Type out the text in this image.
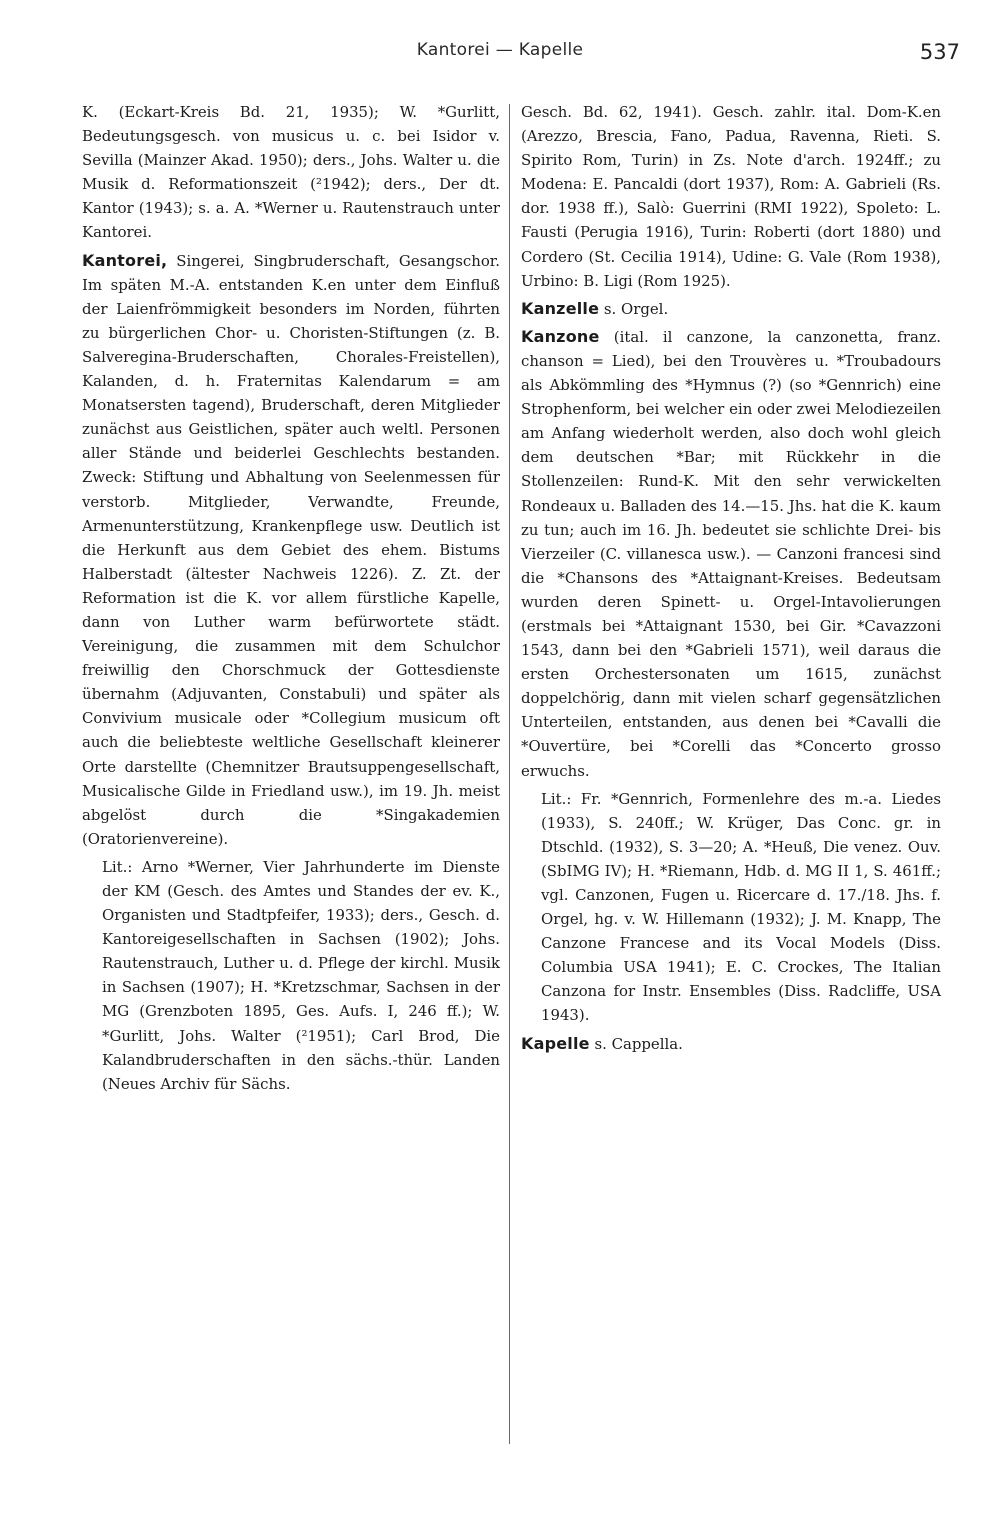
Kantorei — Kapelle	537

K. (Eckart-Kreis Bd. 21, 1935); W. *Gurlitt, Bedeutungsgesch. von musicus u. c. bei Isidor v. Sevilla (Mainzer Akad. 1950); ders., Johs. Walter u. die Musik d. Reformationszeit (²1942); ders., Der dt. Kantor (1943); s. a. A. *Werner u. Rautenstrauch unter Kantorei.

Kantorei, Singerei, Singbruderschaft, Gesangschor. Im späten M.-A. entstanden K.en unter dem Einfluß der Laienfrömmigkeit besonders im Norden, führten zu bürgerlichen Chor- u. Choristen-Stiftungen (z. B. Salveregina-Bruderschaften, Chorales-Freistellen), Kalanden, d. h. Fraternitas Kalendarum = am Monatsersten tagend), Bruderschaft, deren Mitglieder zunächst aus Geistlichen, später auch weltl. Personen aller Stände und beiderlei Geschlechts bestanden. Zweck: Stiftung und Abhaltung von Seelenmessen für verstorb. Mitglieder, Verwandte, Freunde, Armenunterstützung, Krankenpflege usw. Deutlich ist die Herkunft aus dem Gebiet des ehem. Bistums Halberstadt (ältester Nachweis 1226). Z. Zt. der Reformation ist die K. vor allem fürstliche Kapelle, dann von Luther warm befürwortete städt. Vereinigung, die zusammen mit dem Schulchor freiwillig den Chorschmuck der Gottesdienste übernahm (Adjuvanten, Constabuli) und später als Convivium musicale oder *Collegium musicum oft auch die beliebteste weltliche Gesellschaft kleinerer Orte darstellte (Chemnitzer Brautsuppengesellschaft, Musicalische Gilde in Friedland usw.), im 19. Jh. meist abgelöst durch die *Singakademien (Oratorienvereine).

Lit.: Arno *Werner, Vier Jahrhunderte im Dienste der KM (Gesch. des Amtes und Standes der ev. K., Organisten und Stadtpfeifer, 1933); ders., Gesch. d. Kantoreigesellschaften in Sachsen (1902); Johs. Rautenstrauch, Luther u. d. Pflege der kirchl. Musik in Sachsen (1907); H. *Kretzschmar, Sachsen in der MG (Grenzboten 1895, Ges. Aufs. I, 246 ff.); W. *Gurlitt, Johs. Walter (²1951); Carl Brod, Die Kalandbruderschaften in den sächs.-thür. Landen (Neues Archiv für Sächs.

Gesch. Bd. 62, 1941). Gesch. zahlr. ital. Dom-K.en (Arezzo, Brescia, Fano, Padua, Ravenna, Rieti. S. Spirito Rom, Turin) in Zs. Note d'arch. 1924ff.; zu Modena: E. Pancaldi (dort 1937), Rom: A. Gabrieli (Rs. dor. 1938 ff.), Salò: Guerrini (RMI 1922), Spoleto: L. Fausti (Perugia 1916), Turin: Roberti (dort 1880) und Cordero (St. Cecilia 1914), Udine: G. Vale (Rom 1938), Urbino: B. Ligi (Rom 1925).

Kanzelle s. Orgel.

Kanzone (ital. il canzone, la canzonetta, franz. chanson = Lied), bei den Trouvères u. *Troubadours als Abkömmling des *Hymnus (?) (so *Gennrich) eine Strophenform, bei welcher ein oder zwei Melodiezeilen am Anfang wiederholt werden, also doch wohl gleich dem deutschen *Bar; mit Rückkehr in die Stollenzeilen: Rund-K. Mit den sehr verwickelten Rondeaux u. Balladen des 14.—15. Jhs. hat die K. kaum zu tun; auch im 16. Jh. bedeutet sie schlichte Drei- bis Vierzeiler (C. villanesca usw.). — Canzoni francesi sind die *Chansons des *Attaignant-Kreises. Bedeutsam wurden deren Spinett- u. Orgel-Intavolierungen (erstmals bei *Attaignant 1530, bei Gir. *Cavazzoni 1543, dann bei den *Gabrieli 1571), weil daraus die ersten Orchestersonaten um 1615, zunächst doppelchörig, dann mit vielen scharf gegensätzlichen Unterteilen, entstanden, aus denen bei *Cavalli die *Ouvertüre, bei *Corelli das *Concerto grosso erwuchs.

Lit.: Fr. *Gennrich, Formenlehre des m.-a. Liedes (1933), S. 240ff.; W. Krüger, Das Conc. gr. in Dtschld. (1932), S. 3—20; A. *Heuß, Die venez. Ouv. (SbIMG IV); H. *Riemann, Hdb. d. MG II 1, S. 461ff.; vgl. Canzonen, Fugen u. Ricercare d. 17./18. Jhs. f. Orgel, hg. v. W. Hillemann (1932); J. M. Knapp, The Canzone Francese and its Vocal Models (Diss. Columbia USA 1941); E. C. Crockes, The Italian Canzona for Instr. Ensembles (Diss. Radcliffe, USA 1943).

Kapelle s. Cappella.
